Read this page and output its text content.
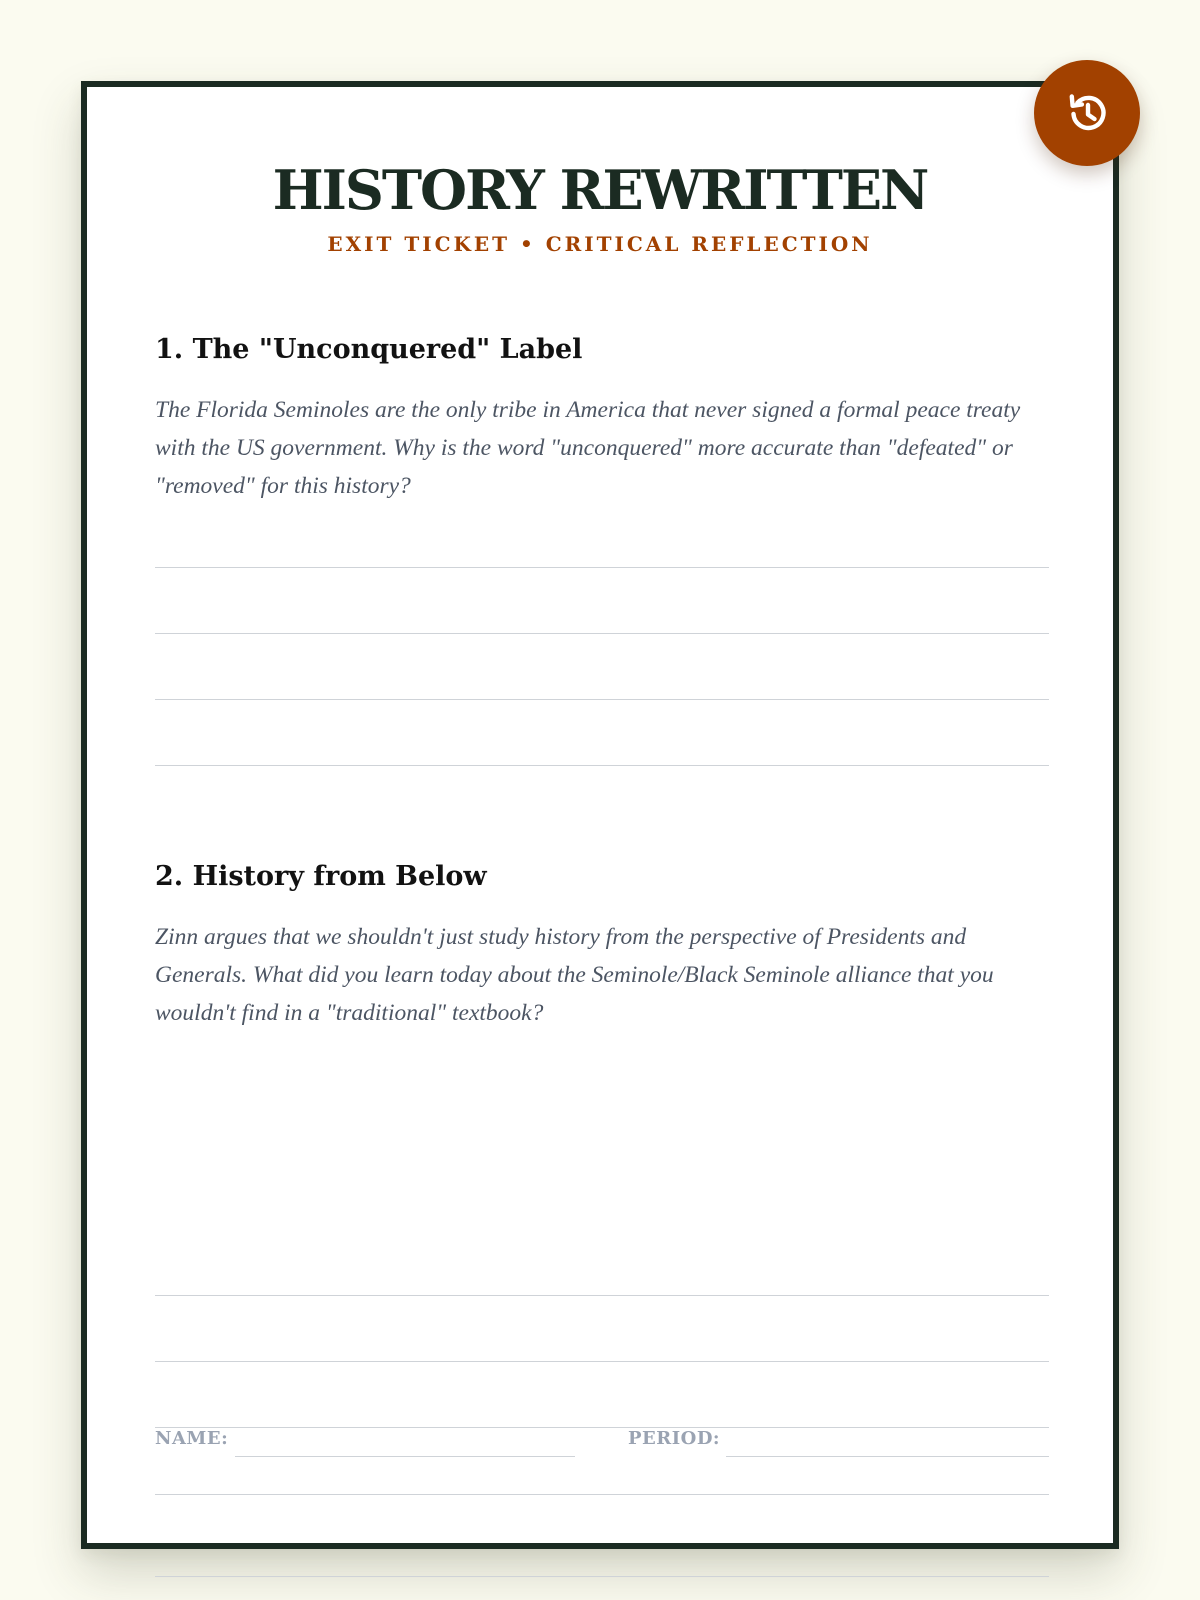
HISTORY REWRITTEN
EXIT TICKET • CRITICAL REFLECTION
1. The "Unconquered" Label

The Florida Seminoles are the only tribe in America that never signed a formal peace treaty with the US government. Why is the word "unconquered" more accurate than "defeated" or "removed" for this history?

2. History from Below

Zinn argues that we shouldn't just study history from the perspective of Presidents and Generals. What did you learn today about the Seminole/Black Seminole alliance that you wouldn't find in a "traditional" textbook?

NAME:	PERIOD:
